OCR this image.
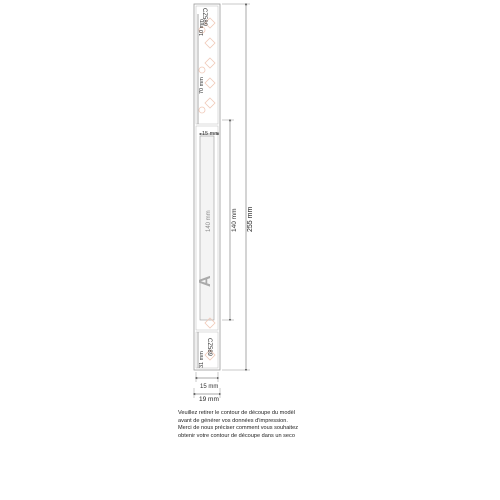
CZ589
10 mm
70 mm
15 mm
140 mm
A
140 mm
CZ589
31 mm
255 mm
15 mm
19 mm
Veuillez retirer le contour de découpe du modèl
avant de générer vos données d'impression.
Merci de nous préciser comment vous souhaitez
obtenir votre contour de découpe dans un seco
